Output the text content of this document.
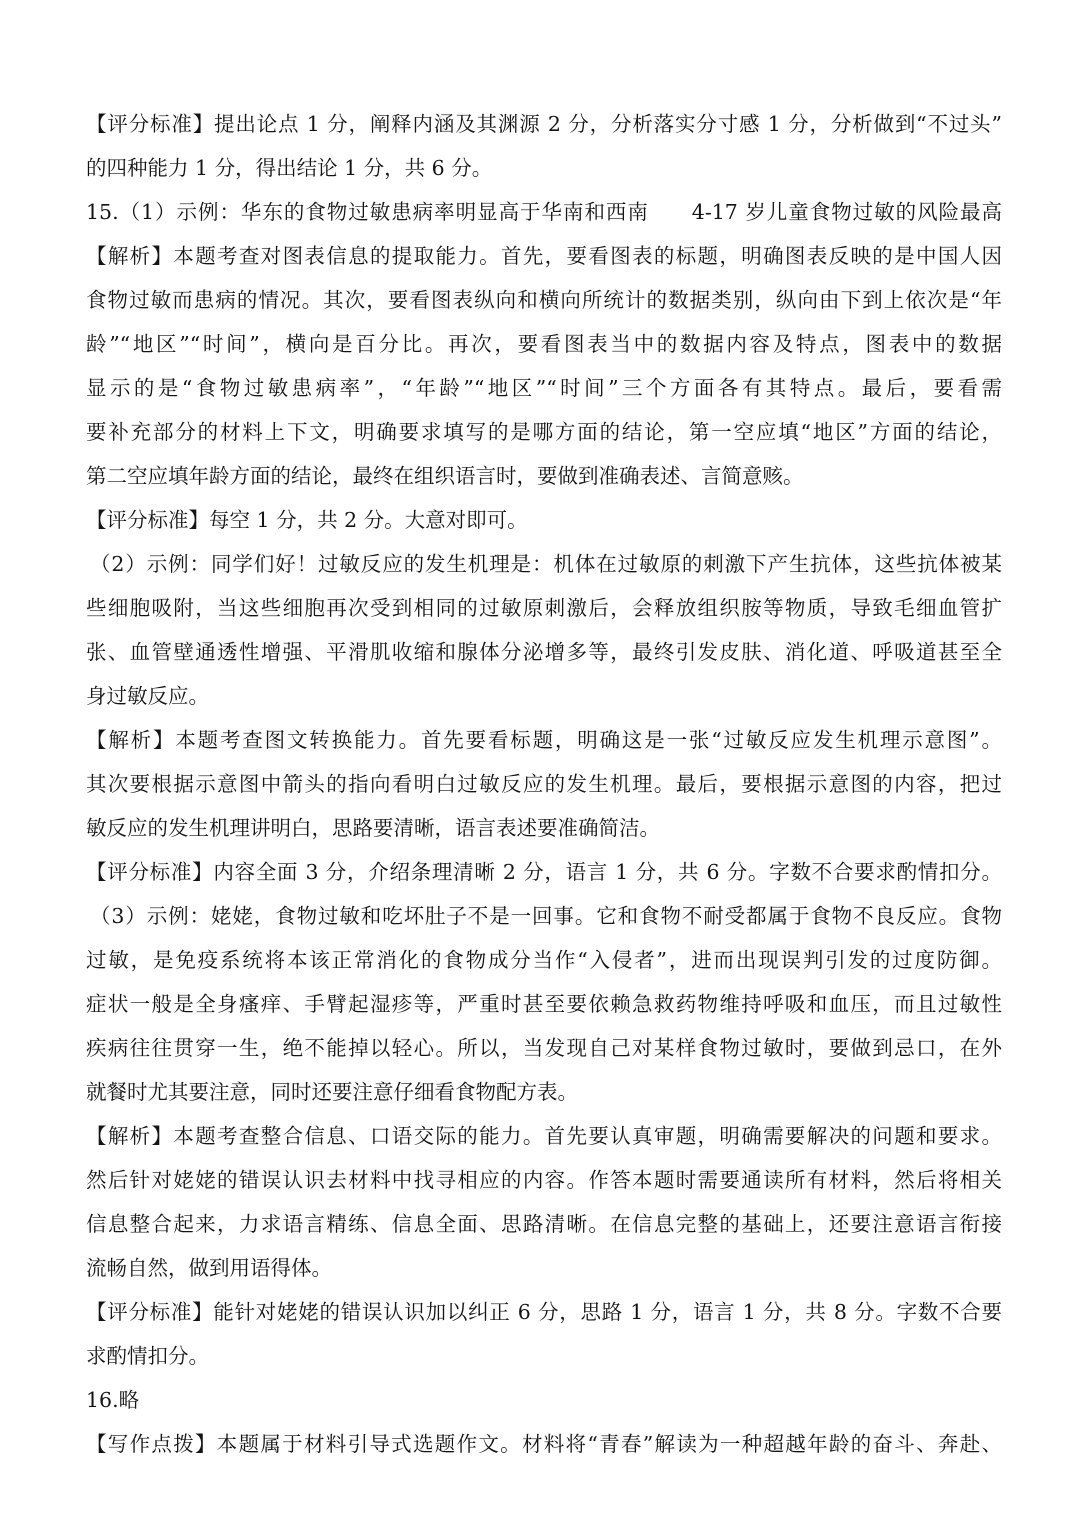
【评分标准】提出论点 1 分，阐释内涵及其渊源 2 分，分析落实分寸感 1 分，分析做到“不过头”
的四种能力 1 分，得出结论 1 分，共 6 分。
15.（1）示例：华东的食物过敏患病率明显高于华南和西南　　4-17 岁儿童食物过敏的风险最高
【解析】本题考查对图表信息的提取能力。首先，要看图表的标题，明确图表反映的是中国人因
食物过敏而患病的情况。其次，要看图表纵向和横向所统计的数据类别，纵向由下到上依次是“年
龄”“地区”“时间”，横向是百分比。再次，要看图表当中的数据内容及特点，图表中的数据
显示的是“食物过敏患病率”，“年龄”“地区”“时间”三个方面各有其特点。最后，要看需
要补充部分的材料上下文，明确要求填写的是哪方面的结论，第一空应填“地区”方面的结论，
第二空应填年龄方面的结论，最终在组织语言时，要做到准确表述、言简意赅。
【评分标准】每空 1 分，共 2 分。大意对即可。
（2）示例：同学们好！过敏反应的发生机理是：机体在过敏原的刺激下产生抗体，这些抗体被某
些细胞吸附，当这些细胞再次受到相同的过敏原刺激后，会释放组织胺等物质，导致毛细血管扩
张、血管壁通透性增强、平滑肌收缩和腺体分泌增多等，最终引发皮肤、消化道、呼吸道甚至全
身过敏反应。
【解析】本题考查图文转换能力。首先要看标题，明确这是一张“过敏反应发生机理示意图”。
其次要根据示意图中箭头的指向看明白过敏反应的发生机理。最后，要根据示意图的内容，把过
敏反应的发生机理讲明白，思路要清晰，语言表述要准确简洁。
【评分标准】内容全面 3 分，介绍条理清晰 2 分，语言 1 分，共 6 分。字数不合要求酌情扣分。
（3）示例：姥姥，食物过敏和吃坏肚子不是一回事。它和食物不耐受都属于食物不良反应。食物
过敏，是免疫系统将本该正常消化的食物成分当作“入侵者”，进而出现误判引发的过度防御。
症状一般是全身瘙痒、手臂起湿疹等，严重时甚至要依赖急救药物维持呼吸和血压，而且过敏性
疾病往往贯穿一生，绝不能掉以轻心。所以，当发现自己对某样食物过敏时，要做到忌口，在外
就餐时尤其要注意，同时还要注意仔细看食物配方表。
【解析】本题考查整合信息、口语交际的能力。首先要认真审题，明确需要解决的问题和要求。
然后针对姥姥的错误认识去材料中找寻相应的内容。作答本题时需要通读所有材料，然后将相关
信息整合起来，力求语言精练、信息全面、思路清晰。在信息完整的基础上，还要注意语言衔接
流畅自然，做到用语得体。
【评分标准】能针对姥姥的错误认识加以纠正 6 分，思路 1 分，语言 1 分，共 8 分。字数不合要
求酌情扣分。
16.略
【写作点拨】本题属于材料引导式选题作文。材料将“青春”解读为一种超越年龄的奋斗、奔赴、
